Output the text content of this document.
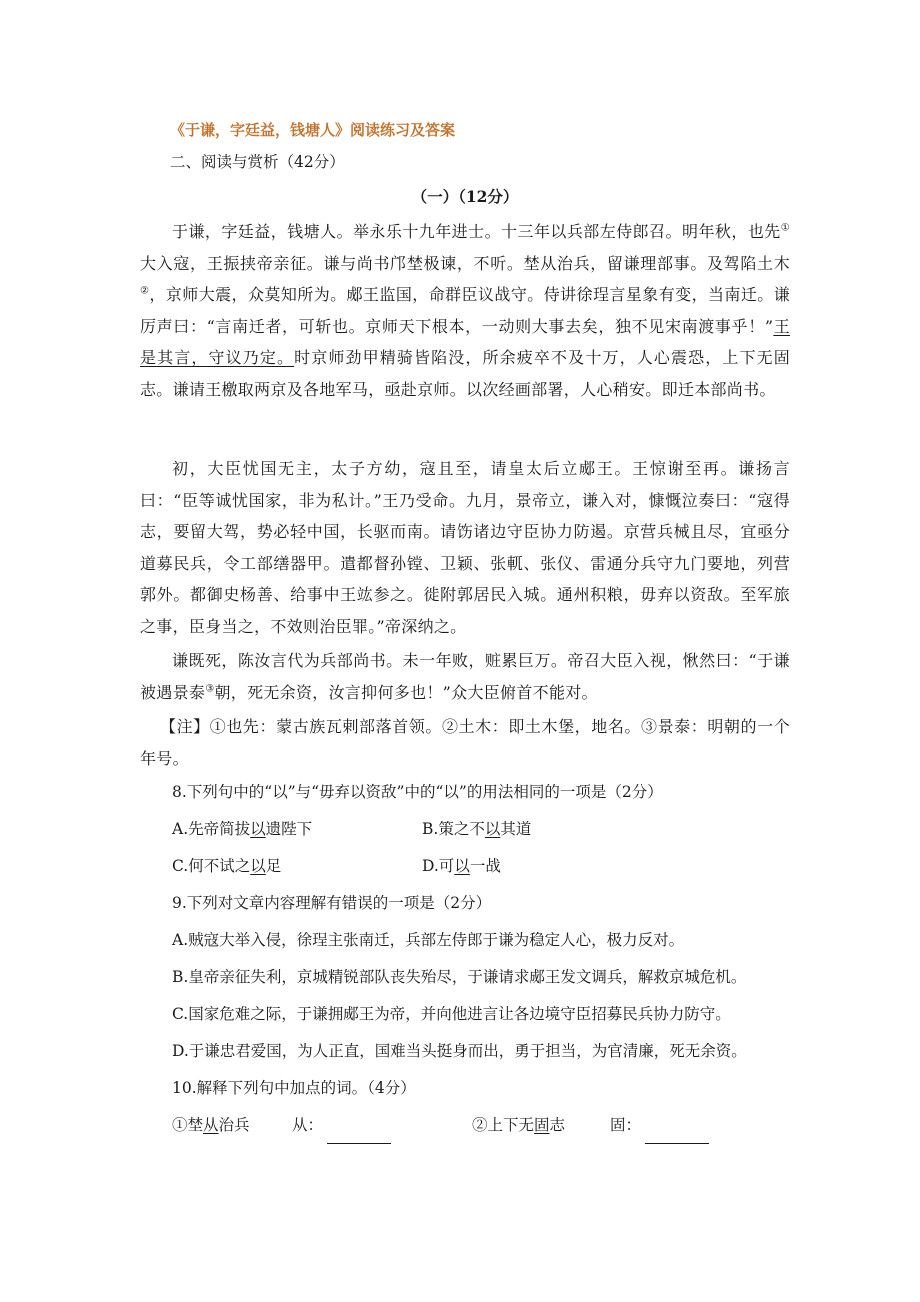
《于谦，字廷益，钱塘人》阅读练习及答案
二、阅读与赏析（42分）
（一）（12分）

于谦，字廷益，钱塘人。举永乐十九年进士。十三年以兵部左侍郎召。明年秋，也先①大入寇，王振挟帝亲征。谦与尚书邝埜极谏，不听。埜从治兵，留谦理部事。及驾陷土木②，京师大震，众莫知所为。郕王监国，命群臣议战守。侍讲徐珵言星象有变，当南迁。谦厉声曰：“言南迁者，可斩也。京师天下根本，一动则大事去矣，独不见宋南渡事乎！”王是其言，守议乃定。时京师劲甲精骑皆陷没，所余疲卒不及十万，人心震恐，上下无固志。谦请王檄取两京及各地军马，亟赴京师。以次经画部署，人心稍安。即迁本部尚书。

初，大臣忧国无主，太子方幼，寇且至，请皇太后立郕王。王惊谢至再。谦扬言曰：“臣等诚忧国家，非为私计。”王乃受命。九月，景帝立，谦入对，慷慨泣奏曰：“寇得志，要留大驾，势必轻中国，长驱而南。请饬诸边守臣协力防遏。京营兵械且尽，宜亟分道募民兵，令工部缮器甲。遣都督孙镗、卫颖、张軏、张仪、雷通分兵守九门要地，列营郭外。都御史杨善、给事中王竑参之。徙附郭居民入城。通州积粮，毋弃以资敌。至军旅之事，臣身当之，不效则治臣罪。”帝深纳之。

谦既死，陈汝言代为兵部尚书。未一年败，赃累巨万。帝召大臣入视，愀然曰：“于谦被遇景泰③朝，死无余资，汝言抑何多也！”众大臣俯首不能对。

【注】①也先：蒙古族瓦剌部落首领。②土木：即土木堡，地名。③景泰：明朝的一个年号。

8.下列句中的“以”与“毋弃以资敌”中的“以”的用法相同的一项是（2分）
A.先帝简拔以遗陛下	B.策之不以其道
C.何不试之以足	D.可以一战
9.下列对文章内容理解有错误的一项是（2分）
A.贼寇大举入侵，徐珵主张南迁，兵部左侍郎于谦为稳定人心，极力反对。
B.皇帝亲征失利，京城精锐部队丧失殆尽，于谦请求郕王发文调兵，解救京城危机。
C.国家危难之际，于谦拥郕王为帝，并向他进言让各边境守臣招募民兵协力防守。
D.于谦忠君爱国，为人正直，国难当头挺身而出，勇于担当，为官清廉，死无余资。
10.解释下列句中加点的词。（4分）
①埜从治兵	从：	②上下无固志	固：
